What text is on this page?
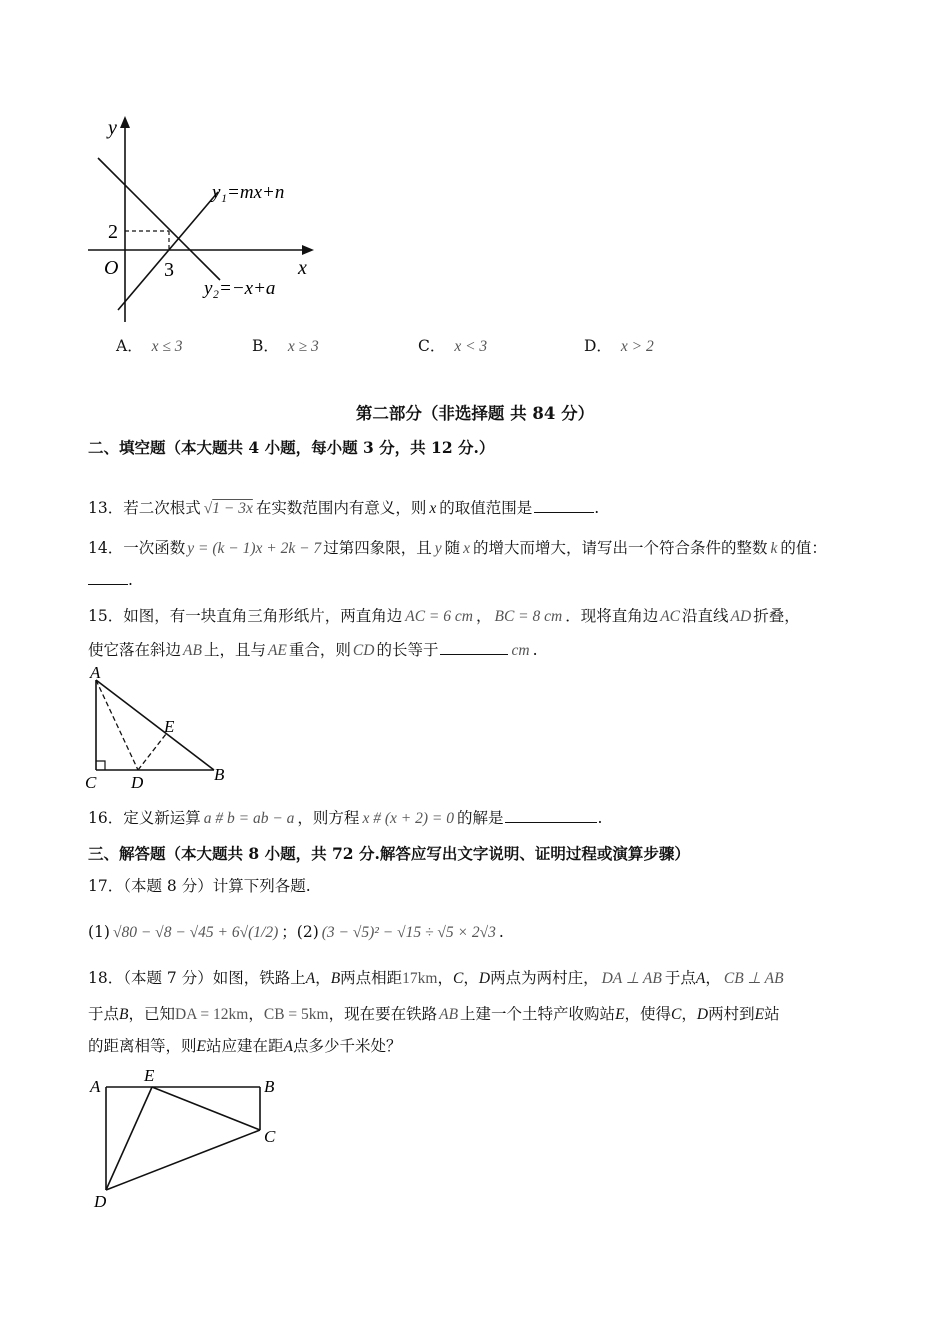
y
x
O
2
3
y₁=mx+n
y₂=−x+a
A． x ≤ 3	B． x ≥ 3	C． x < 3	D． x > 2
第二部分（非选择题 共 84 分）
二、填空题（本大题共 4 小题，每小题 3 分，共 12 分.）
13．若二次根式 √1 − 3x 在实数范围内有意义，则 x 的取值范围是	.
14．一次函数 y = (k − 1)x + 2k − 7 过第四象限，且 y 随 x 的增大而增大，请写出一个符合条件的整数 k 的值：
.
15．如图，有一块直角三角形纸片，两直角边 AC = 6 cm ， BC = 8 cm ．现将直角边 AC 沿直线 AD 折叠，
使它落在斜边 AB 上，且与 AE 重合，则 CD 的长等于	cm .
A
E
C D	B
16．定义新运算 a # b = ab − a ，则方程 x # (x + 2) = 0 的解是	.
三、解答题（本大题共 8 小题，共 72 分.解答应写出文字说明、证明过程或演算步骤）
17．（本题 8 分）计算下列各题.
(1) √80 − √8 − √45 + 6√(1/2) ；(2) (3 − √5)² − √15 ÷ √5 × 2√3 .
18．（本题 7 分）如图，铁路上A，B两点相距17km，C，D两点为两村庄， DA ⊥ AB 于点A， CB ⊥ AB
于点B，已知DA = 12km，CB = 5km，现在要在铁路 AB 上建一个土特产收购站E，使得C，D两村到E站
的距离相等，则E站应建在距A点多少千米处？
A
E
B
C
D
